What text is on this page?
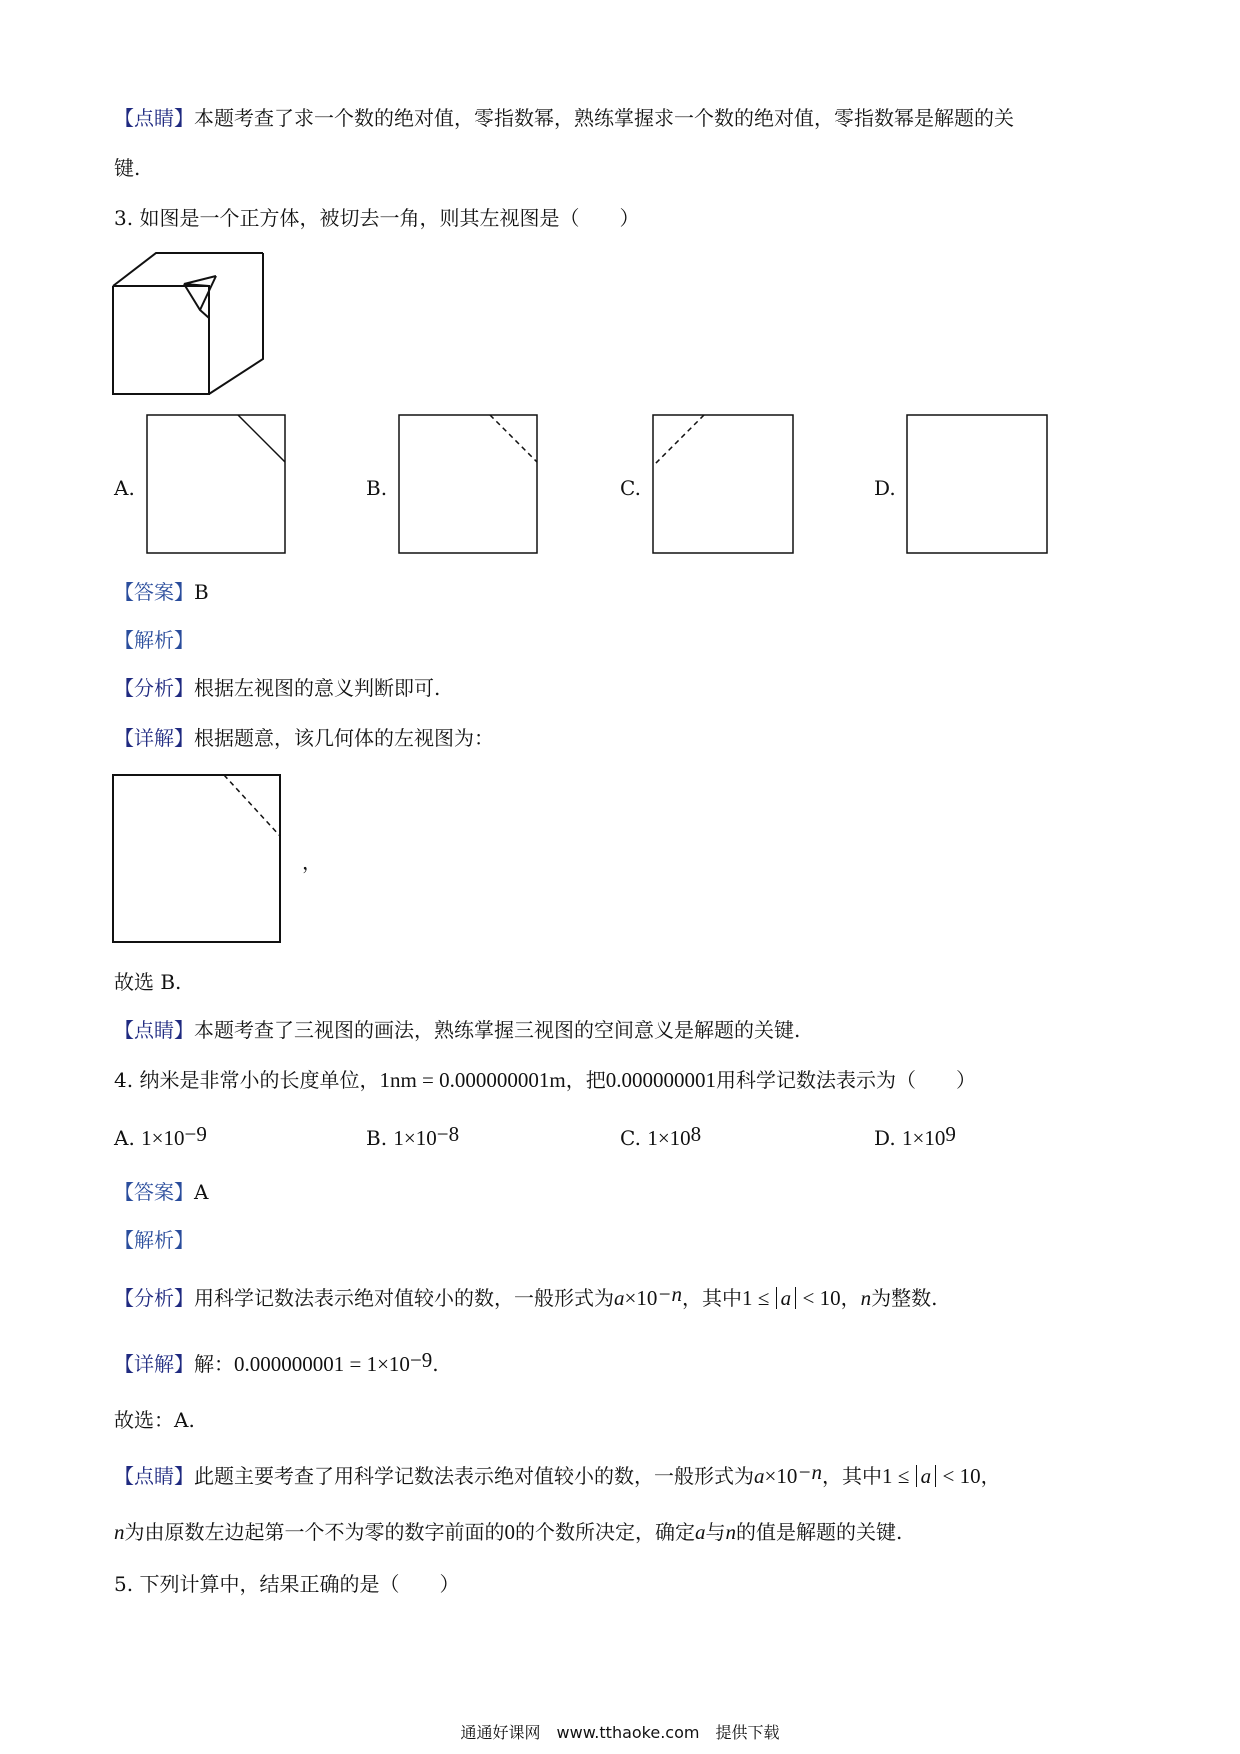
【点睛】本题考查了求一个数的绝对值，零指数幂，熟练掌握求一个数的绝对值，零指数幂是解题的关
键.
3. 如图是一个正方体，被切去一角，则其左视图是（　　）
A.	B.	C.	D.
【答案】B
【解析】
【分析】根据左视图的意义判断即可.
【详解】根据题意，该几何体的左视图为：
，
故选 B.
【点睛】本题考查了三视图的画法，熟练掌握三视图的空间意义是解题的关键.
4. 纳米是非常小的长度单位，1nm = 0.000000001m，把0.000000001用科学记数法表示为（　　）
A. $1\times 10^{-9}$	B. $1\times 10^{-8}$	C. $1\times 10^8$	D. $1\times 10^9$
【答案】A
【解析】
【分析】用科学记数法表示绝对值较小的数，一般形式为$a\times 10^{-n}$，其中1 ≤ a < 10，n为整数.
【详解】解：$0.000000001 = 1\times 10^{-9}$.
故选：A.
【点睛】此题主要考查了用科学记数法表示绝对值较小的数，一般形式为$a\times 10^{-n}$，其中1 ≤ a < 10，
n为由原数左边起第一个不为零的数字前面的0的个数所决定，确定a与n的值是解题的关键.
5. 下列计算中，结果正确的是（　　）
通通好课网　www.tthaoke.com　提供下载
